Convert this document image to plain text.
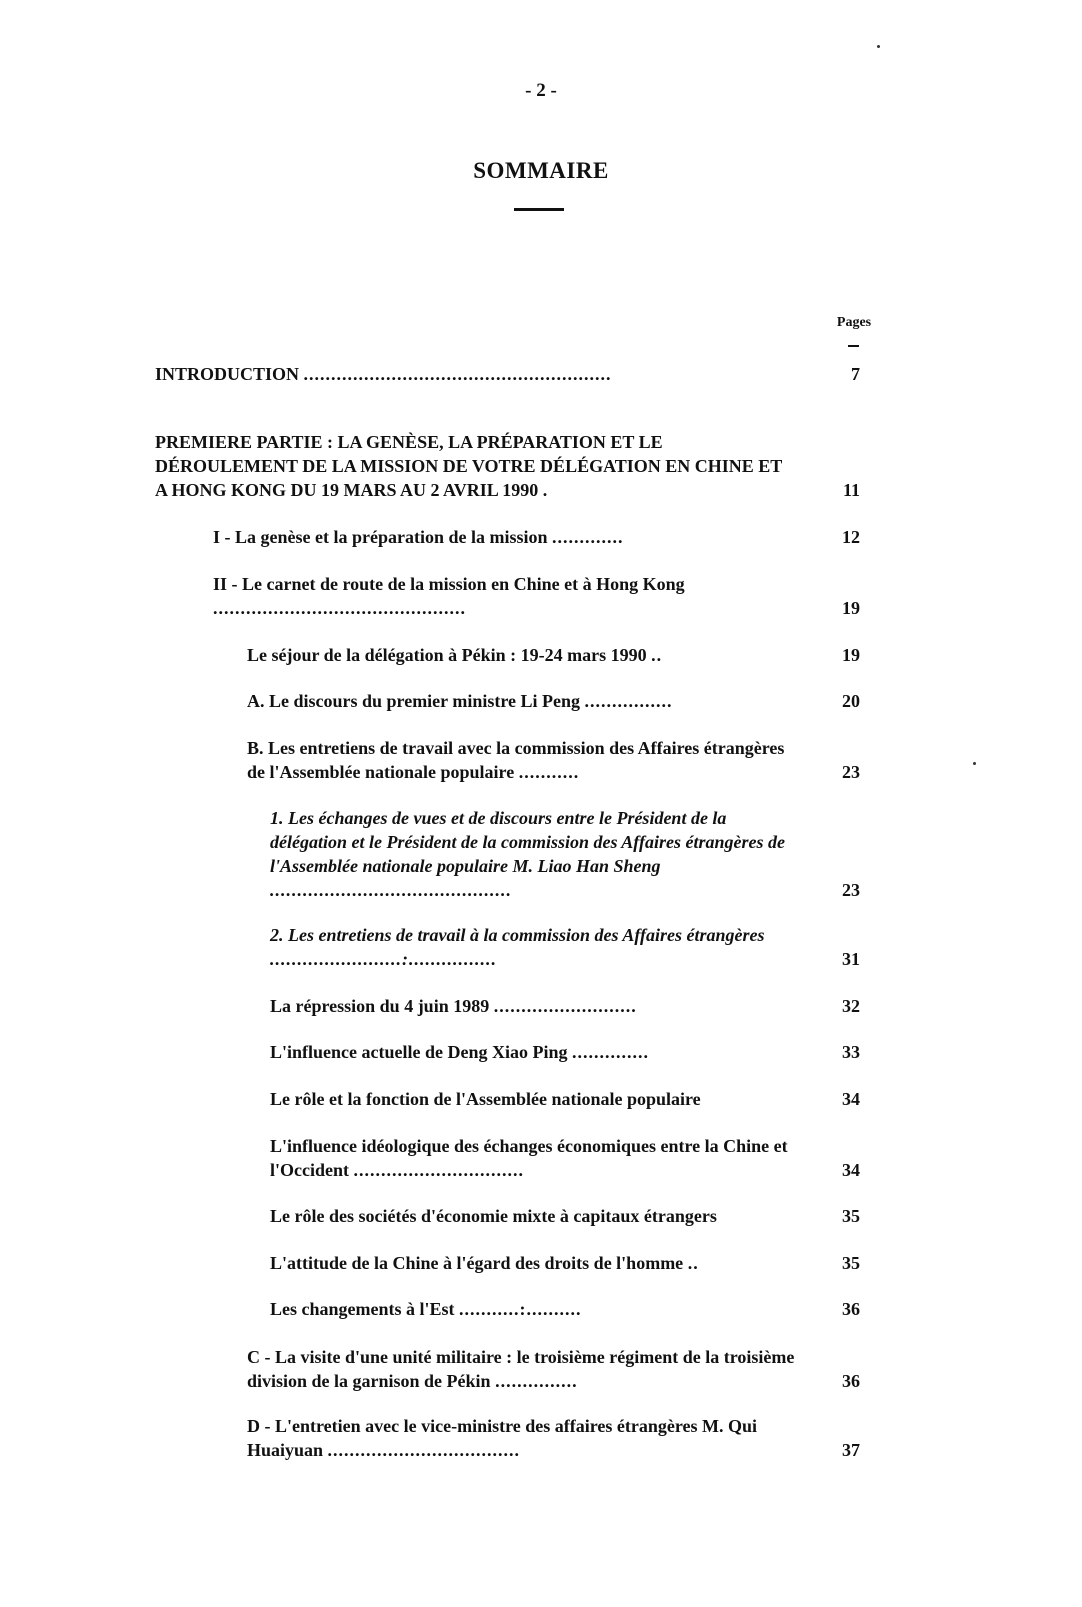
- 2 -
SOMMAIRE
Pages
INTRODUCTION ........................................................	7
PREMIERE PARTIE : LA GENÈSE, LA PRÉPARATION ET LE DÉROULEMENT DE LA MISSION DE VOTRE DÉLÉGATION EN CHINE ET A HONG KONG DU 19 MARS AU 2 AVRIL 1990 .	11
I - La genèse et la préparation de la mission .............	12
II - Le carnet de route de la mission en Chine et à Hong Kong ..............................................	19
Le séjour de la délégation à Pékin : 19-24 mars 1990 ..	19
A. Le discours du premier ministre Li Peng ................	20
B. Les entretiens de travail avec la commission des Affaires étrangères de l'Assemblée nationale populaire ...........	23
1. Les échanges de vues et de discours entre le Président de la délégation et le Président de la commission des Affaires étrangères de l'Assemblée nationale populaire M. Liao Han Sheng ............................................	23
2. Les entretiens de travail à la commission des Affaires étrangères ........................:................	31
La répression du 4 juin 1989 ..........................	32
L'influence actuelle de Deng Xiao Ping ..............	33
Le rôle et la fonction de l'Assemblée nationale populaire	34
L'influence idéologique des échanges économiques entre la Chine et l'Occident ...............................	34
Le rôle des sociétés d'économie mixte à capitaux étrangers	35
L'attitude de la Chine à l'égard des droits de l'homme ..	35
Les changements à l'Est ...........:..........	36
C - La visite d'une unité militaire : le troisième régiment de la troisième division de la garnison de Pékin ...............	36
D - L'entretien avec le vice-ministre des affaires étrangères M. Qui Huaiyuan ...................................	37
